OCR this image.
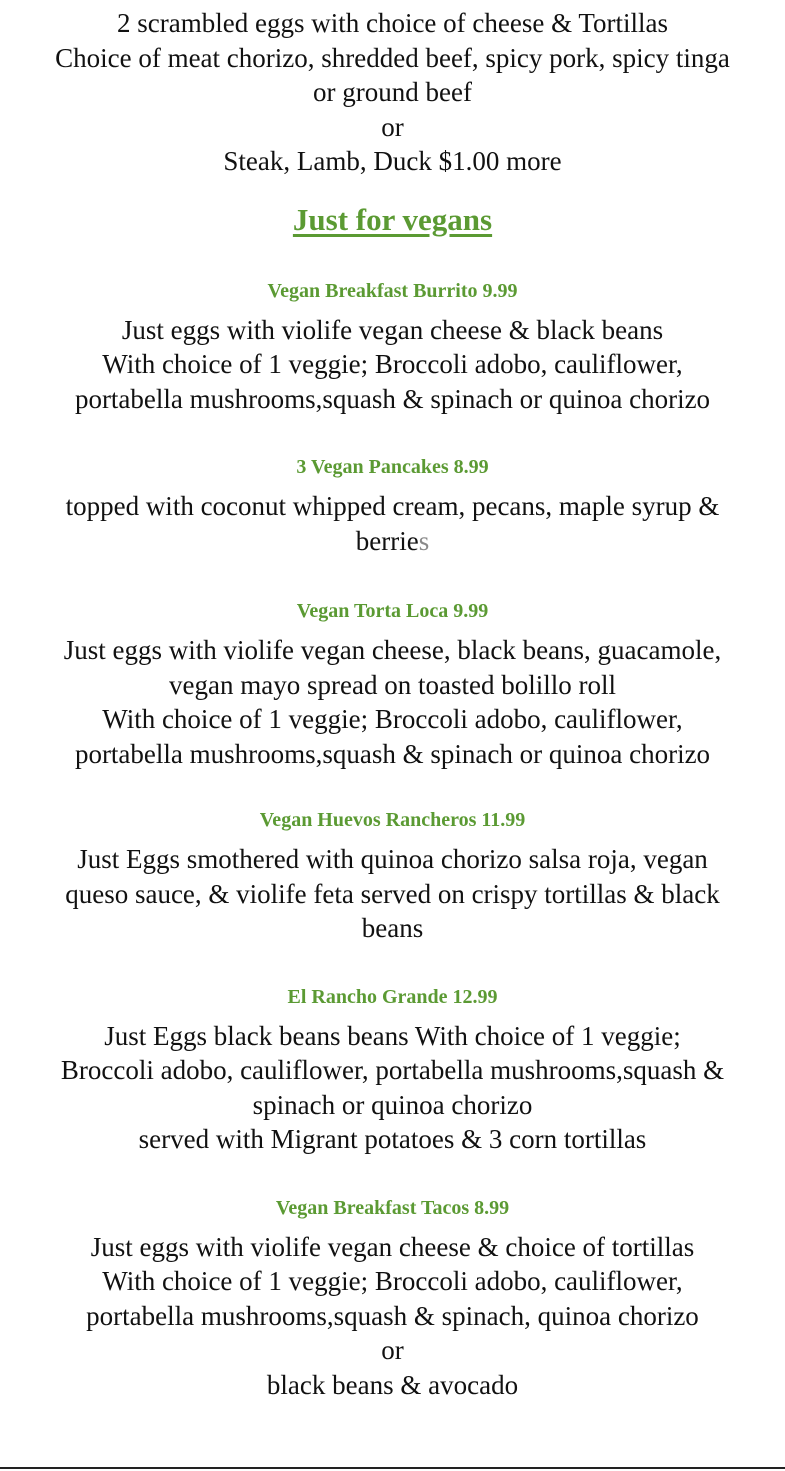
2 scrambled eggs with choice of cheese & Tortillas
Choice of meat chorizo, shredded beef, spicy pork, spicy tinga
or ground beef
or
Steak, Lamb, Duck $1.00 more
Just for vegans
Vegan Breakfast Burrito 9.99
Just eggs with violife vegan cheese & black beans
With choice of 1 veggie; Broccoli adobo, cauliflower,
portabella mushrooms,squash & spinach or quinoa chorizo
3 Vegan Pancakes 8.99
topped with coconut whipped cream, pecans, maple syrup &
berries
Vegan Torta Loca 9.99
Just eggs with violife vegan cheese, black beans, guacamole,
vegan mayo spread on toasted bolillo roll
With choice of 1 veggie; Broccoli adobo, cauliflower,
portabella mushrooms,squash & spinach or quinoa chorizo
Vegan Huevos Rancheros 11.99
Just Eggs smothered with quinoa chorizo salsa roja, vegan
queso sauce, & violife feta served on crispy tortillas & black
beans
El Rancho Grande 12.99
Just Eggs black beans beans With choice of 1 veggie;
Broccoli adobo, cauliflower, portabella mushrooms,squash &
spinach or quinoa chorizo
served with Migrant potatoes & 3 corn tortillas
Vegan Breakfast Tacos 8.99
Just eggs with violife vegan cheese & choice of tortillas
With choice of 1 veggie; Broccoli adobo, cauliflower,
portabella mushrooms,squash & spinach, quinoa chorizo
or
black beans & avocado
